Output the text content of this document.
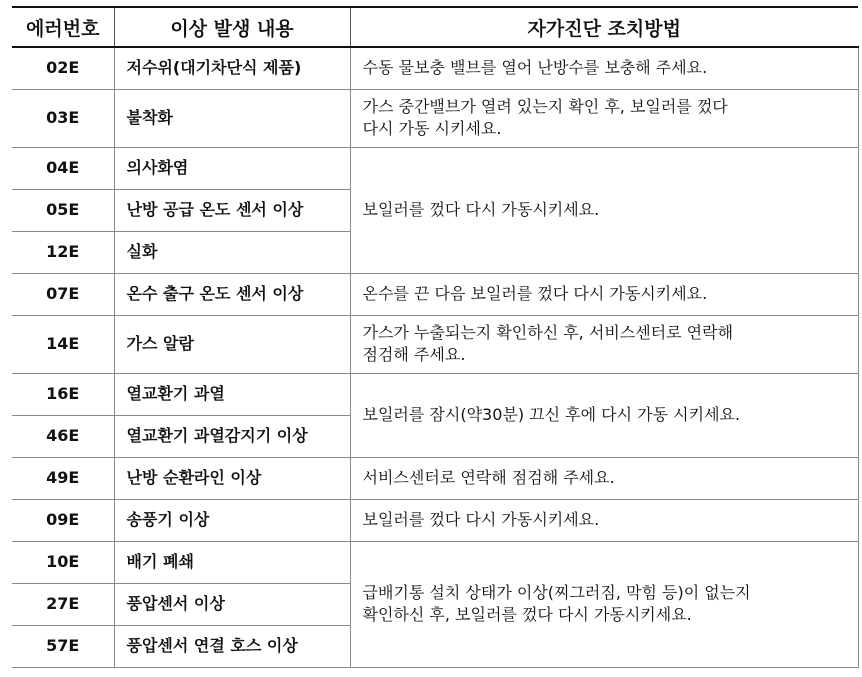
에러번호	이상 발생 내용	자가진단 조치방법
02E	저수위(대기차단식 제품)	수동 물보충 밸브를 열어 난방수를 보충해 주세요.

03E	불착화	가스 중간밸브가 열려 있는지 확인 후, 보일러를 껐다
다시 가동 시키세요.

04E	의사화염	보일러를 껐다 다시 가동시키세요.

05E	난방 공급 온도 센서 이상	
12E	실화	
07E	온수 출구 온도 센서 이상	온수를 끈 다음 보일러를 껐다 다시 가동시키세요.

14E	가스 알람	가스가 누출되는지 확인하신 후, 서비스센터로 연락해
점검해 주세요.

16E	열교환기 과열	보일러를 잠시(약30분) 끄신 후에 다시 가동 시키세요.

46E	열교환기 과열감지기 이상	
49E	난방 순환라인 이상	서비스센터로 연락해 점검해 주세요.

09E	송풍기 이상	보일러를 껐다 다시 가동시키세요.

10E	배기 폐쇄	급배기통 설치 상태가 이상(찌그러짐, 막힘 등)이 없는지
확인하신 후, 보일러를 껐다 다시 가동시키세요.

27E	풍압센서 이상	
57E	풍압센서 연결 호스 이상	
